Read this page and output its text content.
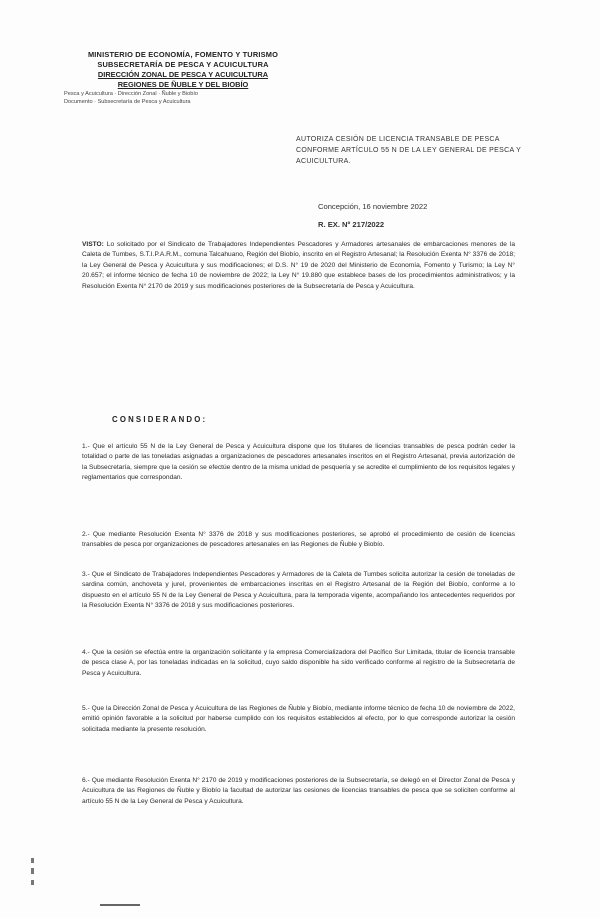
MINISTERIO DE ECONOMÍA, FOMENTO Y TURISMO
SUBSECRETARÍA DE PESCA Y ACUICULTURA
DIRECCIÓN ZONAL DE PESCA Y ACUICULTURA
REGIONES DE ÑUBLE Y DEL BIOBÍO
Pesca y Acuicultura · Dirección Zonal · Ñuble y Biobío
Documento · Subsecretaría de Pesca y Acuicultura
AUTORIZA CESIÓN DE LICENCIA TRANSABLE DE PESCA CONFORME ARTÍCULO 55 N DE LA LEY GENERAL DE PESCA Y ACUICULTURA.
Concepción, 16 noviembre 2022
R. EX. Nº 217/2022
VISTO: Lo solicitado por el Sindicato de Trabajadores Independientes Pescadores y Armadores artesanales de embarcaciones menores de la Caleta de Tumbes, S.T.I.P.A.R.M., comuna Talcahuano, Región del Biobío, inscrito en el Registro Artesanal; la Resolución Exenta N° 3376 de 2018; la Ley General de Pesca y Acuicultura y sus modificaciones; el D.S. N° 19 de 2020 del Ministerio de Economía, Fomento y Turismo; la Ley N° 20.657; el informe técnico de fecha 10 de noviembre de 2022; la Ley N° 19.880 que establece bases de los procedimientos administrativos; y la Resolución Exenta N° 2170 de 2019 y sus modificaciones posteriores de la Subsecretaría de Pesca y Acuicultura.
CONSIDERANDO:
1.- Que el artículo 55 N de la Ley General de Pesca y Acuicultura dispone que los titulares de licencias transables de pesca podrán ceder la totalidad o parte de las toneladas asignadas a organizaciones de pescadores artesanales inscritos en el Registro Artesanal, previa autorización de la Subsecretaría, siempre que la cesión se efectúe dentro de la misma unidad de pesquería y se acredite el cumplimiento de los requisitos legales y reglamentarios que correspondan.
2.- Que mediante Resolución Exenta N° 3376 de 2018 y sus modificaciones posteriores, se aprobó el procedimiento de cesión de licencias transables de pesca por organizaciones de pescadores artesanales en las Regiones de Ñuble y Biobío.
3.- Que el Sindicato de Trabajadores Independientes Pescadores y Armadores de la Caleta de Tumbes solicita autorizar la cesión de toneladas de sardina común, anchoveta y jurel, provenientes de embarcaciones inscritas en el Registro Artesanal de la Región del Biobío, conforme a lo dispuesto en el artículo 55 N de la Ley General de Pesca y Acuicultura, para la temporada vigente, acompañando los antecedentes requeridos por la Resolución Exenta N° 3376 de 2018 y sus modificaciones posteriores.
4.- Que la cesión se efectúa entre la organización solicitante y la empresa Comercializadora del Pacífico Sur Limitada, titular de licencia transable de pesca clase A, por las toneladas indicadas en la solicitud, cuyo saldo disponible ha sido verificado conforme al registro de la Subsecretaría de Pesca y Acuicultura.
5.- Que la Dirección Zonal de Pesca y Acuicultura de las Regiones de Ñuble y Biobío, mediante informe técnico de fecha 10 de noviembre de 2022, emitió opinión favorable a la solicitud por haberse cumplido con los requisitos establecidos al efecto, por lo que corresponde autorizar la cesión solicitada mediante la presente resolución.
6.- Que mediante Resolución Exenta N° 2170 de 2019 y modificaciones posteriores de la Subsecretaría, se delegó en el Director Zonal de Pesca y Acuicultura de las Regiones de Ñuble y Biobío la facultad de autorizar las cesiones de licencias transables de pesca que se soliciten conforme al artículo 55 N de la Ley General de Pesca y Acuicultura.
